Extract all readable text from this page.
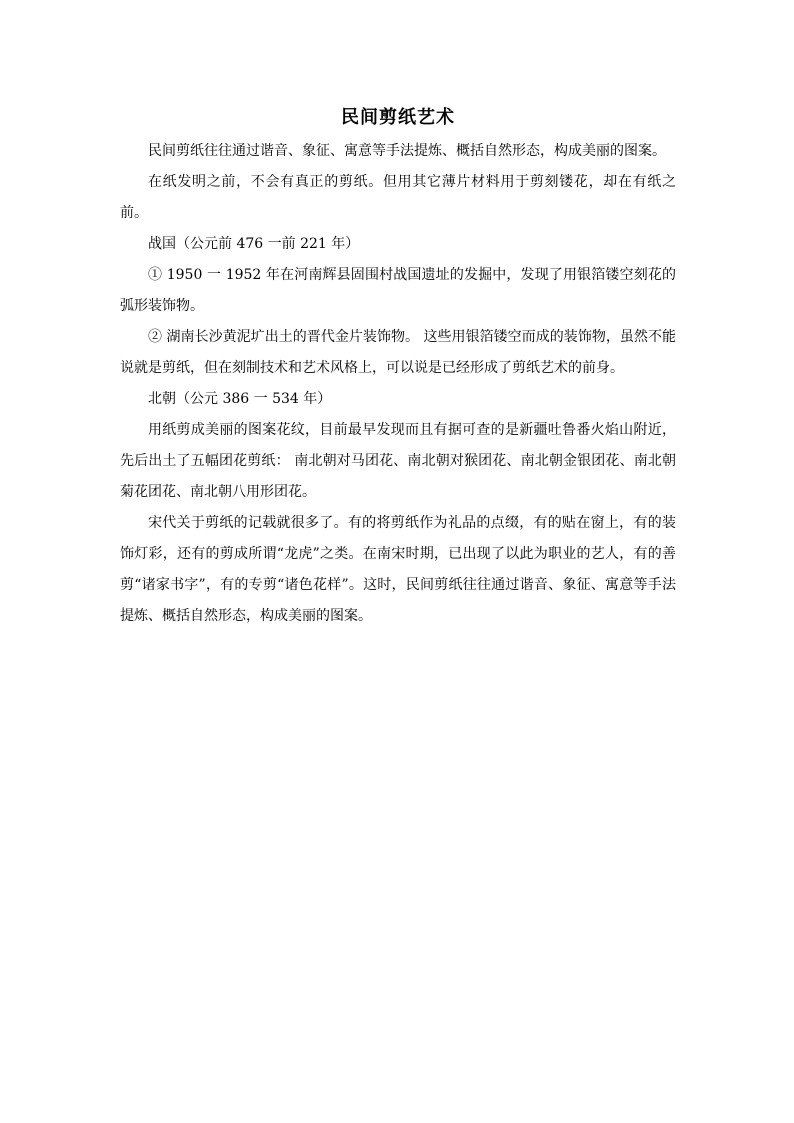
民间剪纸艺术

民间剪纸往往通过谐音、象征、寓意等手法提炼、概括自然形态，构成美丽的图案。

在纸发明之前，不会有真正的剪纸。但用其它薄片材料用于剪刻镂花，却在有纸之前。

战国（公元前 476 一前 221 年）

① 1950 一 1952 年在河南辉县固围村战国遗址的发掘中，发现了用银箔镂空刻花的弧形装饰物。

② 湖南长沙黄泥圹出土的晋代金片装饰物。 这些用银箔镂空而成的装饰物，虽然不能说就是剪纸，但在刻制技术和艺术风格上，可以说是已经形成了剪纸艺术的前身。

北朝（公元 386 一 534 年）

用纸剪成美丽的图案花纹，目前最早发现而且有据可查的是新疆吐鲁番火焰山附近，先后出土了五幅团花剪纸： 南北朝对马团花、南北朝对猴团花、南北朝金银团花、南北朝菊花团花、南北朝八用形团花。

宋代关于剪纸的记载就很多了。有的将剪纸作为礼品的点缀，有的贴在窗上，有的装饰灯彩，还有的剪成所谓“龙虎”之类。在南宋时期，已出现了以此为职业的艺人，有的善剪“诸家书字”，有的专剪“诸色花样”。这时，民间剪纸往往通过谐音、象征、寓意等手法提炼、概括自然形态，构成美丽的图案。
